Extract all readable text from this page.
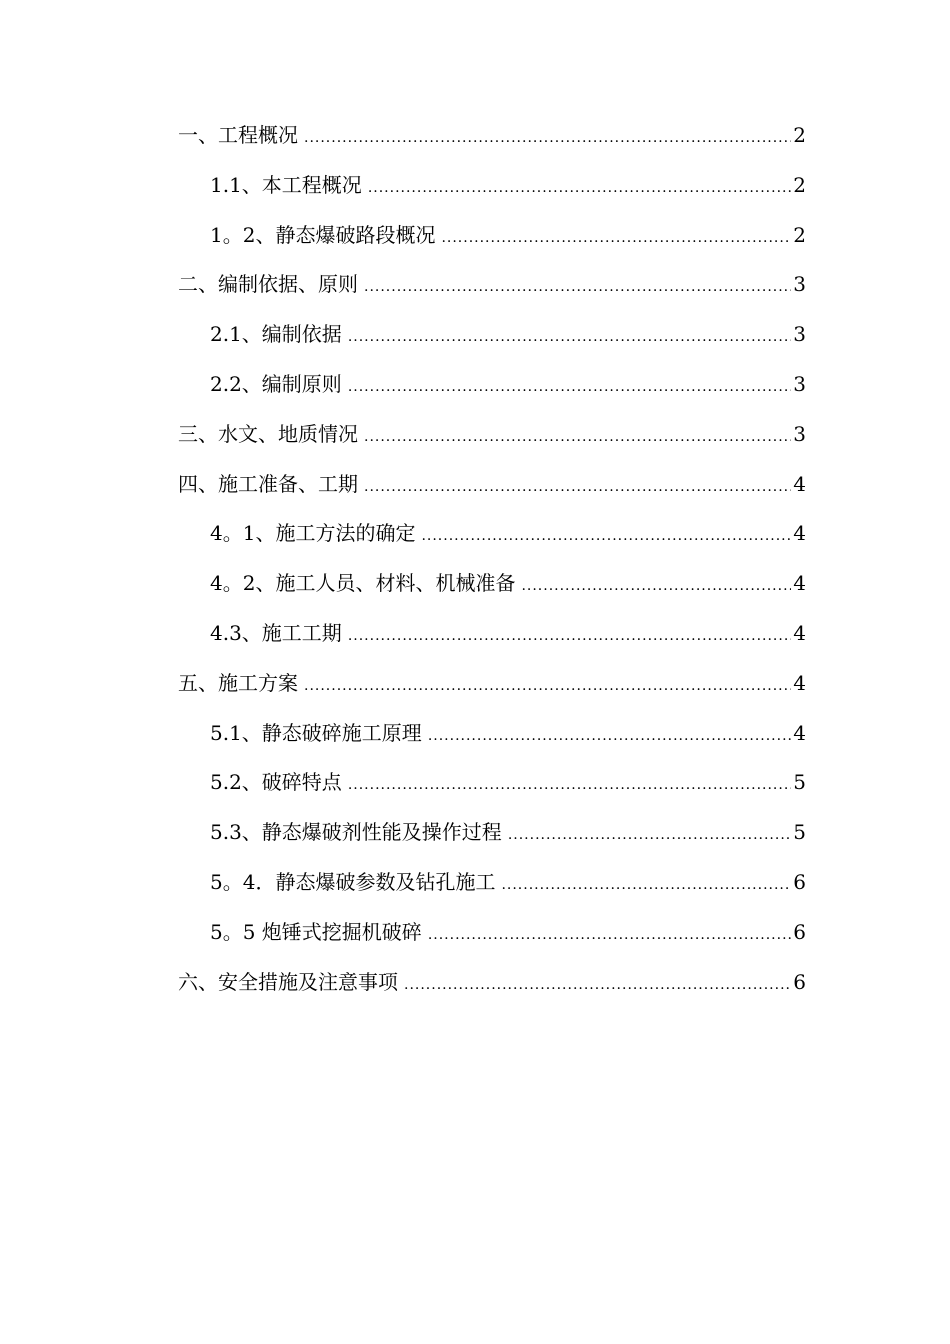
一、工程概况 .....	2
1.1、本工程概况 .....	2
1。2、静态爆破路段概况 .....	2
二、编制依据、原则 .....	3
2.1、编制依据 .....	3
2.2、编制原则 .....	3
三、水文、地质情况 .....	3
四、施工准备、工期 .....	4
4。1、施工方法的确定 .....	4
4。2、施工人员、材料、机械准备 .....	4
4.3、施工工期 .....	4
五、施工方案 .....	4
5.1、静态破碎施工原理 .....	4
5.2、破碎特点 .....	5
5.3、静态爆破剂性能及操作过程 .....	5
5。4．静态爆破参数及钻孔施工 .....	6
5。5 炮锤式挖掘机破碎 .....	6
六、安全措施及注意事项 .....	6
